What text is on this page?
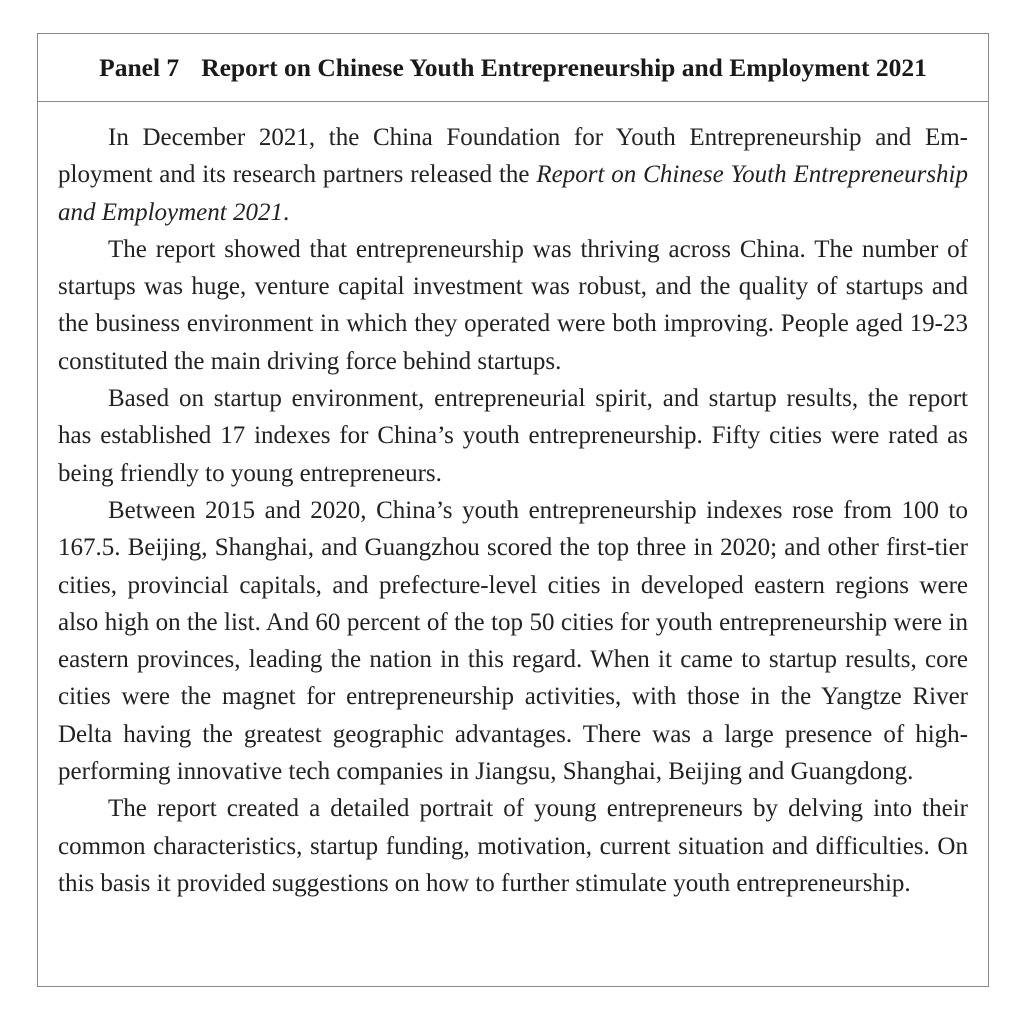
Panel 7 Report on Chinese Youth Entrepreneurship and Employment 2021

In December 2021, the China Foundation for Youth Entrepreneurship and Employment and its research partners released the Report on Chinese Youth Entrepreneurship and Employment 2021.

The report showed that entrepreneurship was thriving across China. The number of startups was huge, venture capital investment was robust, and the quality of startups and the business environment in which they operated were both improving. People aged 19-23 constituted the main driving force behind startups.

Based on startup environment, entrepreneurial spirit, and startup results, the report has established 17 indexes for China’s youth entrepreneurship. Fifty cities were rated as being friendly to young entrepreneurs.

Between 2015 and 2020, China’s youth entrepreneurship indexes rose from 100 to 167.5. Beijing, Shanghai, and Guangzhou scored the top three in 2020; and other first-tier cities, provincial capitals, and prefecture-level cities in developed eastern regions were also high on the list. And 60 percent of the top 50 cities for youth entrepreneurship were in eastern provinces, leading the nation in this regard. When it came to startup results, core cities were the magnet for entrepreneurship activities, with those in the Yangtze River Delta having the greatest geographic advantages. There was a large presence of high-performing innovative tech companies in Jiangsu, Shanghai, Beijing and Guangdong.

The report created a detailed portrait of young entrepreneurs by delving into their common characteristics, startup funding, motivation, current situation and difficulties. On this basis it provided suggestions on how to further stimulate youth entrepreneurship.
